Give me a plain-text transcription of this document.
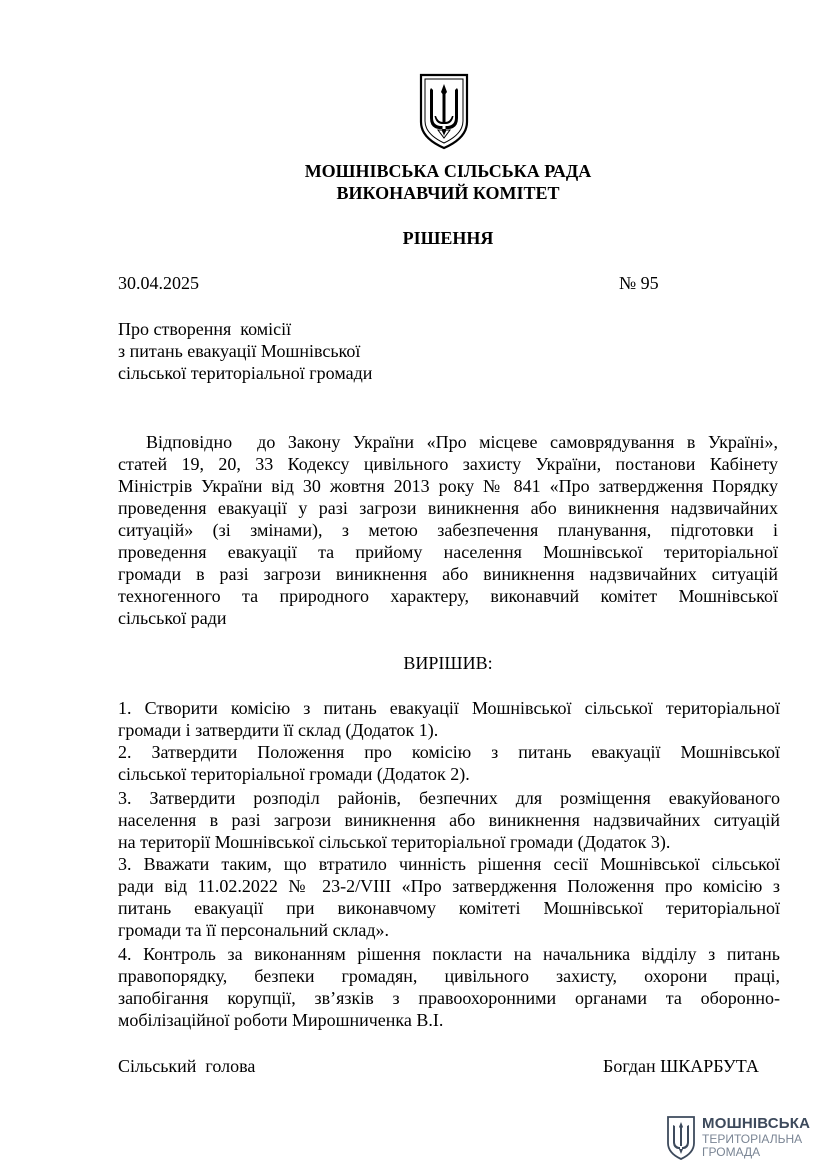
МОШНІВСЬКА СІЛЬСЬКА РАДА
ВИКОНАВЧИЙ КОМІТЕТ
РІШЕННЯ
30.04.2025	№ 95
Про створення  комісії
з питань евакуації Мошнівської
сільської територіальної громади
Відповідно  до Закону України «Про місцеве самоврядування в Україні»,
статей 19, 20, 33 Кодексу цивільного захисту України, постанови Кабінету
Міністрів України від 30 жовтня 2013 року № 841 «Про затвердження Порядку
проведення евакуації у разі загрози виникнення або виникнення надзвичайних
ситуацій» (зі змінами), з метою забезпечення планування, підготовки і
проведення евакуації та прийому населення Мошнівської територіальної
громади в разі загрози виникнення або виникнення надзвичайних ситуацій
техногенного та природного характеру, виконавчий комітет Мошнівської
сільської ради
ВИРІШИВ:
1. Створити комісію з питань евакуації Мошнівської сільської територіальної
громади і затвердити її склад (Додаток 1).
2. Затвердити Положення про комісію з питань евакуації Мошнівської
сільської територіальної громади (Додаток 2).
3. Затвердити розподіл районів, безпечних для розміщення евакуйованого
населення в разі загрози виникнення або виникнення надзвичайних ситуацій
на території Мошнівської сільської територіальної громади (Додаток 3).
3. Вважати таким, що втратило чинність рішення сесії Мошнівської сільської
ради від 11.02.2022 № 23-2/VIII «Про затвердження Положення про комісію з
питань евакуації при виконавчому комітеті Мошнівської територіальної
громади та її персональний склад».
4. Контроль за виконанням рішення покласти на начальника відділу з питань
правопорядку, безпеки громадян, цивільного захисту, охорони праці,
запобігання корупції, зв’язків з правоохоронними органами та оборонно-
мобілізаційної роботи Мирошниченка В.І.
Сільський  голова	Богдан ШКАРБУТА
МОШНІВСЬКА
ТЕРИТОРІАЛЬНА
ГРОМАДА
